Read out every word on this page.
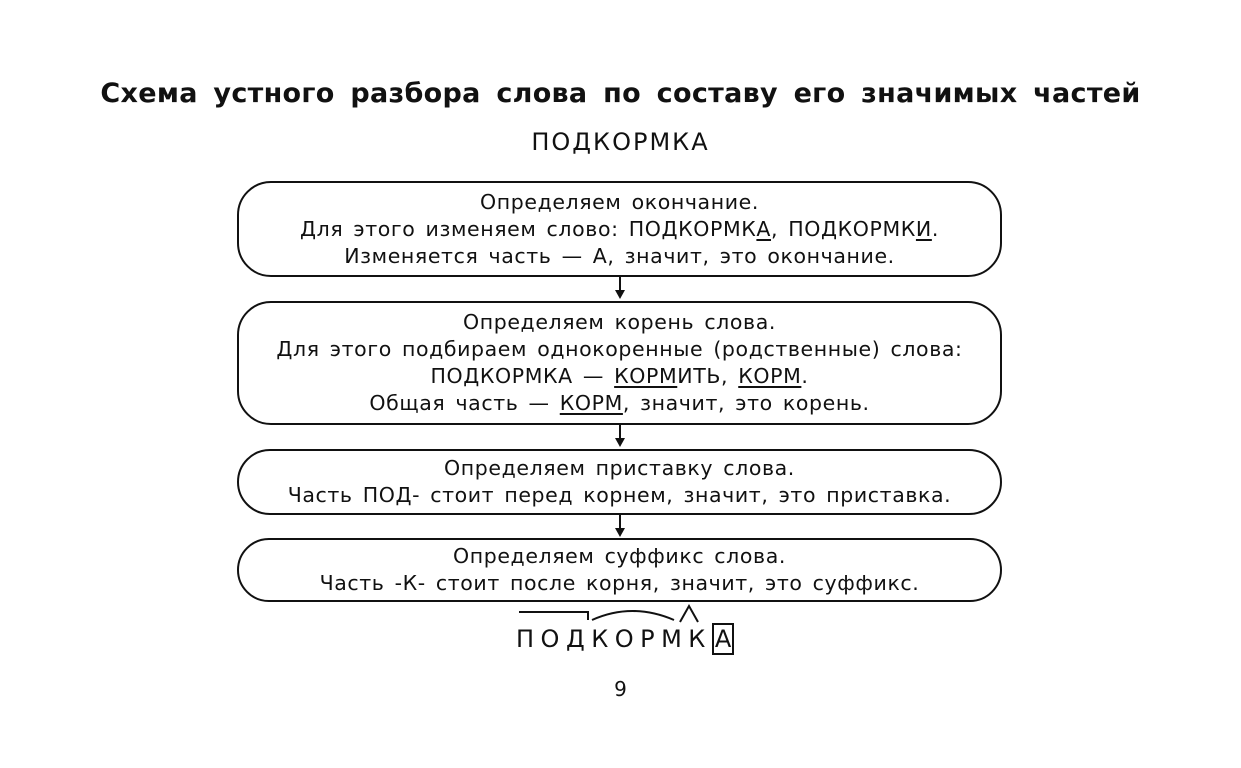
Схема устного разбора слова по составу его значимых частей
ПОДКОРМКА
Определяем окончание.
Для этого изменяем слово: ПОДКОРМКА, ПОДКОРМКИ.
Изменяется часть — А, значит, это окончание.
Определяем корень слова.
Для этого подбираем однокоренные (родственные) слова:
ПОДКОРМКА — КОРМИТЬ, КОРМ.
Общая часть — КОРМ, значит, это корень.
Определяем приставку слова.
Часть ПОД- стоит перед корнем, значит, это приставка.
Определяем суффикс слова.
Часть -К- стоит после корня, значит, это суффикс.
ПОДКОРМК А
9
